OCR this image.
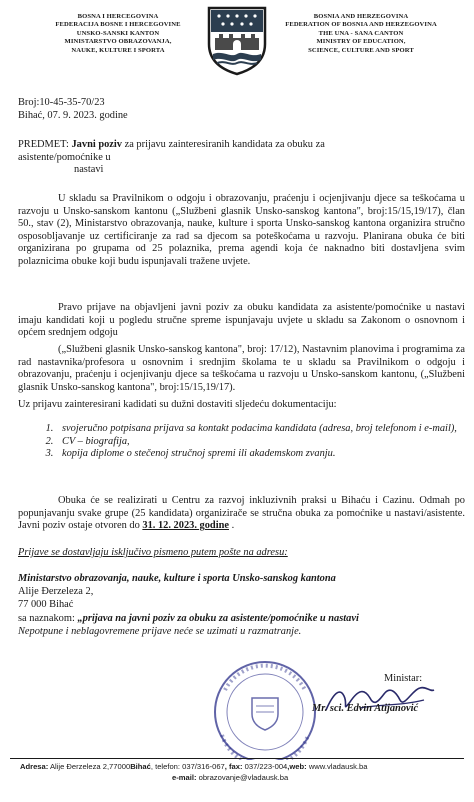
BOSNA I HERCEGOVINA
FEDERACIJA BOSNE I HERCEGOVINE
UNSKO-SANSKI KANTON
MINISTARSTVO OBRAZOVANJA,
NAUKE, KULTURE I SPORTA
BOSNIA AND HERZEGOVINA
FEDERATION OF BOSNIA AND HERZEGOVINA
THE UNA - SANA CANTON
MINISTRY OF EDUCATION,
SCIENCE, CULTURE AND SPORT
Broj:10-45-35-70/23
Bihać, 07. 9. 2023. godine
PREDMET: Javni poziv za prijavu zainteresiranih kandidata za obuku za
asistente/pomoćnike u
nastavi
U skladu sa Pravilnikom o odgoju i obrazovanju, praćenju i ocjenjivanju djece sa teškoćama u razvoju u Unsko-sanskom kantonu („Službeni glasnik Unsko-sanskog kantona", broj:15/15,19/17), član 50., stav (2), Ministarstvo obrazovanja, nauke, kulture i sporta Unsko-sanskog kantona organizira stručno osposobljavanje uz certificiranje za rad sa djecom sa poteškoćama u razvoju. Planirana obuka će biti organizirana po grupama od 25 polaznika, prema agendi koja će naknadno biti dostavljena svim polaznicima obuke koji budu ispunjavali tražene uvjete.
Pravo prijave na objavljeni javni poziv za obuku kandidata za asistente/pomoćnike u nastavi imaju kandidati koji u pogledu stručne spreme ispunjavaju uvjete u skladu sa Zakonom o osnovnom i općem srednjem odgoju
(„Službeni glasnik Unsko-sanskog kantona", broj: 17/12), Nastavnim planovima i programima za rad nastavnika/profesora u osnovnim i srednjim školama te u skladu sa Pravilnikom o odgoju i obrazovanju, praćenju i ocjenjivanju djece sa teškoćama u razvoju u Unsko-sanskom kantonu, („Službeni glasnik Unsko-sanskog kantona", broj:15/15,19/17).
Uz prijavu zainteresirani kadidati su dužni dostaviti sljedeću dokumentaciju:
1. svojeručno potpisana prijava sa kontakt podacima kandidata (adresa, broj telefonom i e-mail),
2. CV – biografija,
3. kopija diplome o stečenoj stručnoj spremi ili akademskom zvanju.
Obuka će se realizirati u Centru za razvoj inkluzivnih praksi u Bihaću i Cazinu. Odmah po popunjavanju svake grupe (25 kandidata) organizirače se stručna obuka za pomoćnike u nastavi/asistente. Javni poziv ostaje otvoren do 31. 12. 2023. godine .
Prijave se dostavljaju isključivo pismeno putem pošte na adresu:
Ministarstvo obrazovanja, nauke, kulture i sporta Unsko-sanskog kantona
Alije Đerzeleza 2,
77 000 Bihać
sa naznakom: „prijava na javni poziv za obuku za asistente/pomoćnike u nastavi
Nepotpune i neblagovremene prijave neće se uzimati u razmatranje.
Ministar:
Mr. sci. Edvin Atijanović
Adresa: Alije Đerzeleza 2,77000Bihać, telefon: 037/316-067, fax: 037/223-004,web: www.vladausk.ba
e-mail: obrazovanje@vladausk.ba
